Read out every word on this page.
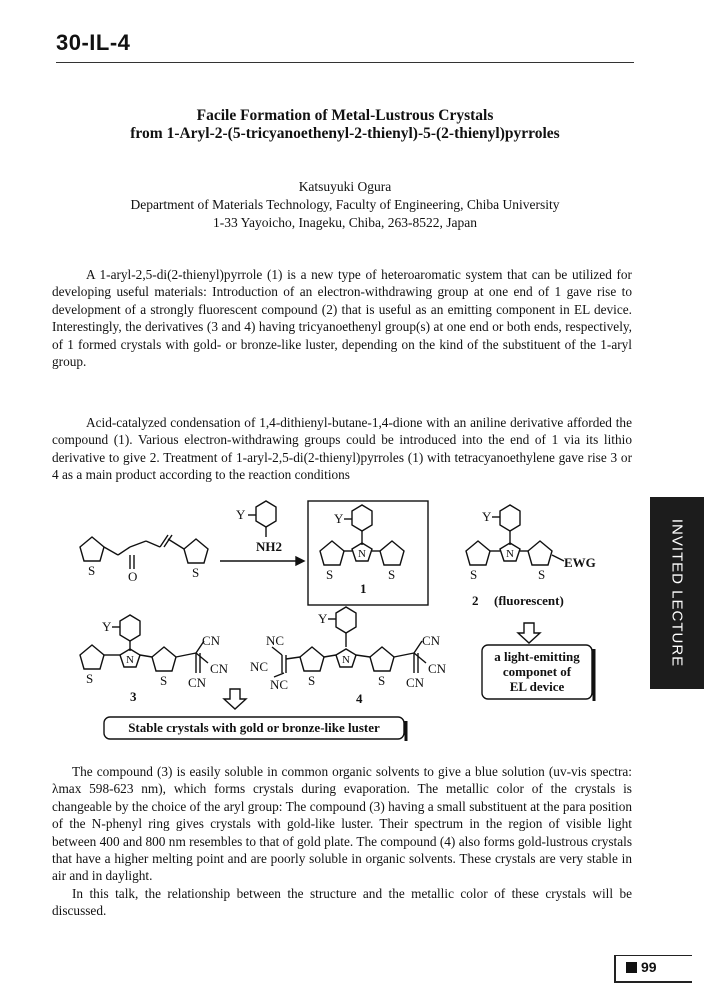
30-IL-4
Facile Formation of Metal-Lustrous Crystals
from 1-Aryl-2-(5-tricyanoethenyl-2-thienyl)-5-(2-thienyl)pyrroles
Katsuyuki Ogura
Department of Materials Technology, Faculty of Engineering, Chiba University
1-33 Yayoicho, Inageku, Chiba, 263-8522, Japan
A 1-aryl-2,5-di(2-thienyl)pyrrole (1) is a new type of heteroaromatic system that can be utilized for developing useful materials: Introduction of an electron-withdrawing group at one end of 1 gave rise to development of a strongly fluorescent compound (2) that is useful as an emitting component in EL device. Interestingly, the derivatives (3 and 4) having tricyanoethenyl group(s) at one end or both ends, respectively, of 1 formed crystals with gold- or bronze-like luster, depending on the kind of the substituent of the 1-aryl group.
Acid-catalyzed condensation of 1,4-dithienyl-butane-1,4-dione with an aniline derivative afforded the compound (1). Various electron-withdrawing groups could be introduced into the end of 1 via its lithio derivative to give 2. Treatment of 1-aryl-2,5-di(2-thienyl)pyrroles (1) with tetracyanoethylene gave rise 3 or 4 as a main product according to the reaction conditions
The compound (3) is easily soluble in common organic solvents to give a blue solution (uv-vis spectra: λmax 598-623 nm), which forms crystals during evaporation. The metallic color of the crystals is changeable by the choice of the aryl group: The compound (3) having a small substituent at the para position of the N-phenyl ring gives crystals with gold-like luster. Their spectrum in the region of visible light between 400 and 800 nm resembles to that of gold plate. The compound (4) also forms gold-lustrous crystals that have a higher melting point and are poorly soluble in organic solvents. These crystals are very stable in air and in daylight.
In this talk, the relationship between the structure and the metallic color of these crystals will be discussed.
S	O	S
Y
NH2
Y
N
S	S
1
Y
N
S	S
EWG
2 (fluorescent)
a light-emitting
componet of
EL device
Y
N
S	S
CN
CN
CN
3
NC
NC
NC
Y
N
S	S
CN
CN
CN
4
Stable crystals with gold or bronze-like luster
INVITED LECTURE
99
